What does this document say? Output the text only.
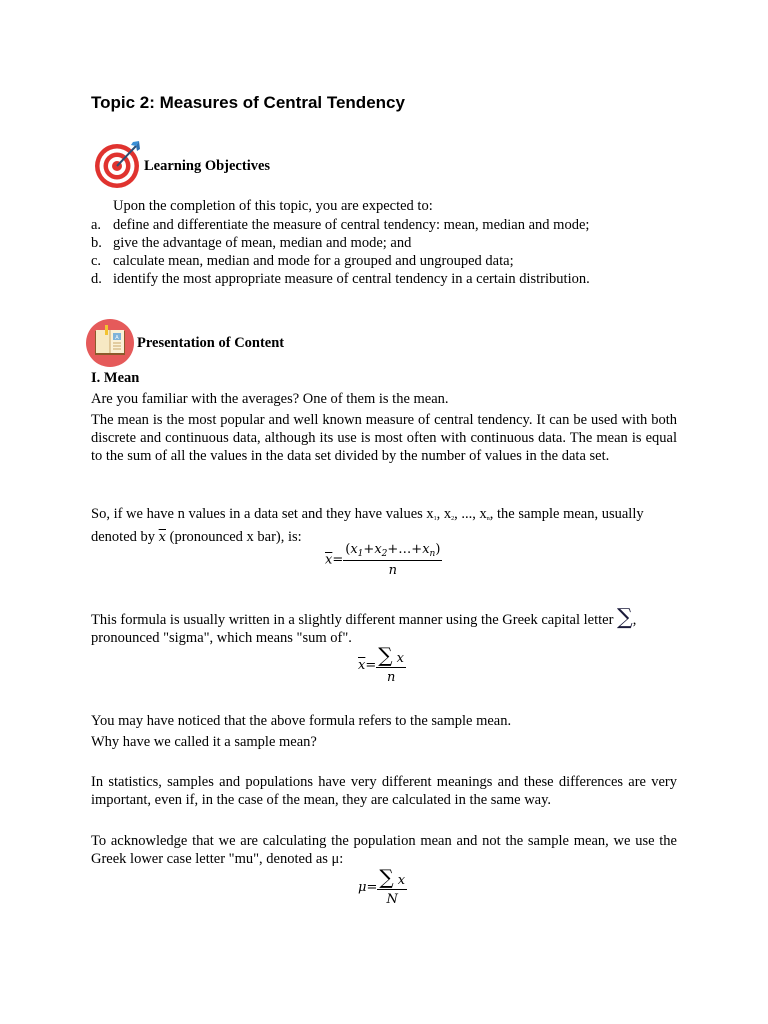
Topic 2: Measures of Central Tendency
Learning Objectives
Upon the completion of this topic, you are expected to:
a. define and differentiate the measure of central tendency: mean, median and mode;
b. give the advantage of mean, median and mode; and
c. calculate mean, median and mode for a grouped and ungrouped data;
d. identify the most appropriate measure of central tendency in a certain distribution.
A Presentation of Content
I. Mean
Are you familiar with the averages? One of them is the mean.
The mean is the most popular and well known measure of central tendency. It can be used with both discrete and continuous data, although its use is most often with continuous data. The mean is equal to the sum of all the values in the data set divided by the number of values in the data set.
So, if we have n values in a data set and they have values x1, x2, ..., xn, the sample mean, usually
denoted by $\overline{x}$ (pronounced x bar), is:
$\overline{x}= \frac{(x_1+x_2+\dots+x_n)}{n}$
This formula is usually written in a slightly different manner using the Greek capital letter ∑,
pronounced "sigma", which means "sum of".
$\overline{x}= \frac{\sum x}{n}$
You may have noticed that the above formula refers to the sample mean.
Why have we called it a sample mean?
In statistics, samples and populations have very different meanings and these differences are very important, even if, in the case of the mean, they are calculated in the same way.
To acknowledge that we are calculating the population mean and not the sample mean, we use the Greek lower case letter "mu", denoted as μ:
$\mu= \frac{\sum x}{N}$
